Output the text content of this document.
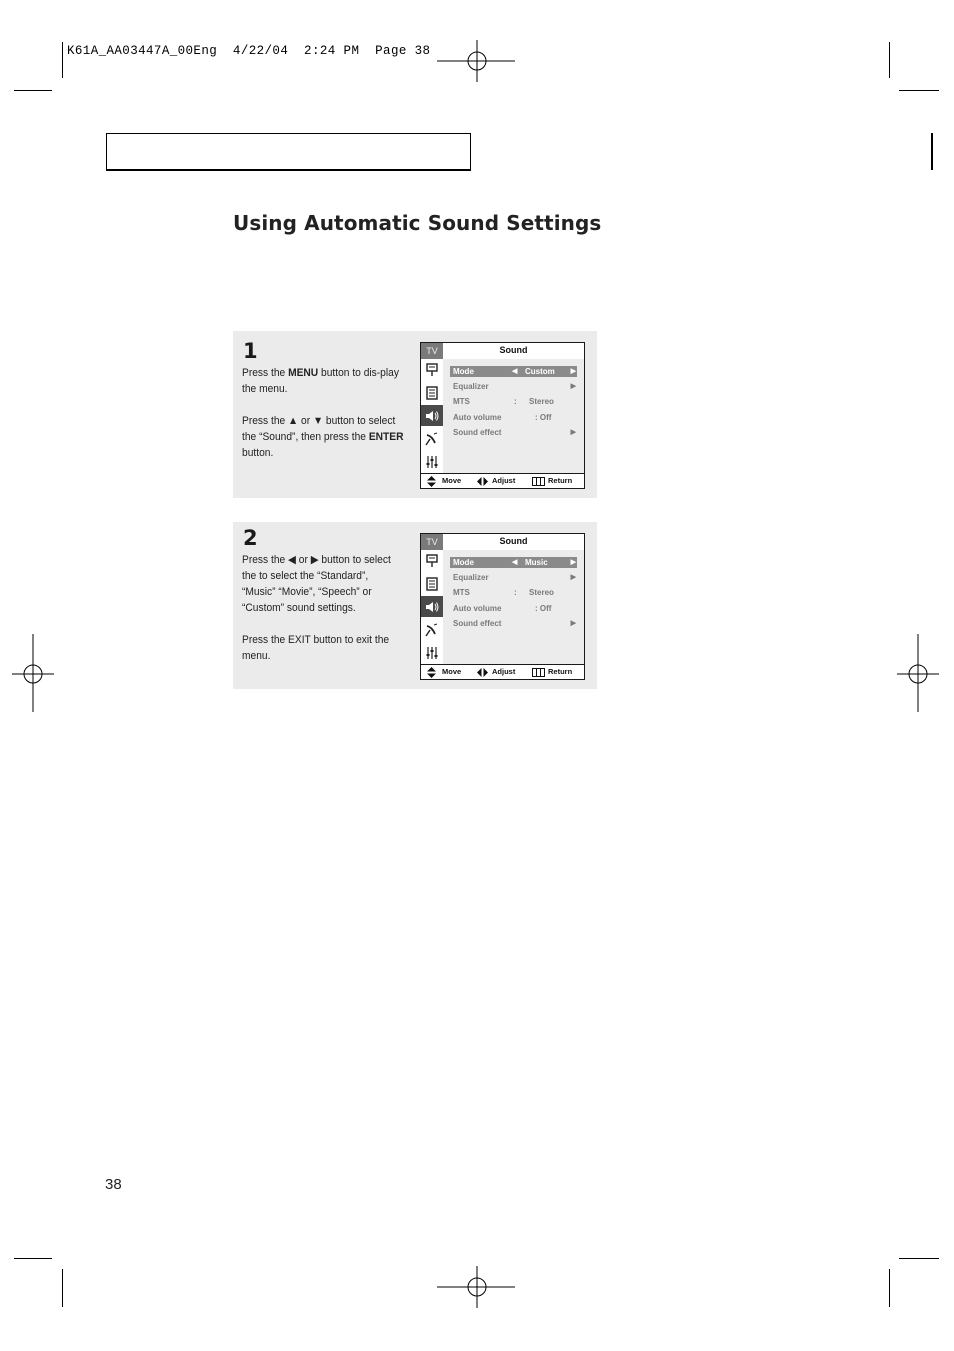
K61A_AA03447A_00Eng  4/22/04  2:24 PM  Page 38
Using Automatic Sound Settings
1

Press the MENU button to dis-play the menu.

Press the ▲ or ▼ button to select the “Sound”, then press the ENTER button.

TV	Sound
Mode	◀ Custom ▶
Equalizer	▶
MTS	: Stereo
Auto volume	: Off
Sound effect	▶
Move	Adjust	Return
2

Press the ◀ or ▶ button to select the to select the “Standard”, “Music” “Movie”, “Speech” or “Custom” sound settings.

Press the EXIT button to exit the menu.

TV	Sound
Mode	◀ Music	▶
Equalizer	▶
MTS	: Stereo
Auto volume	: Off
Sound effect	▶
Move	Adjust	Return
38
